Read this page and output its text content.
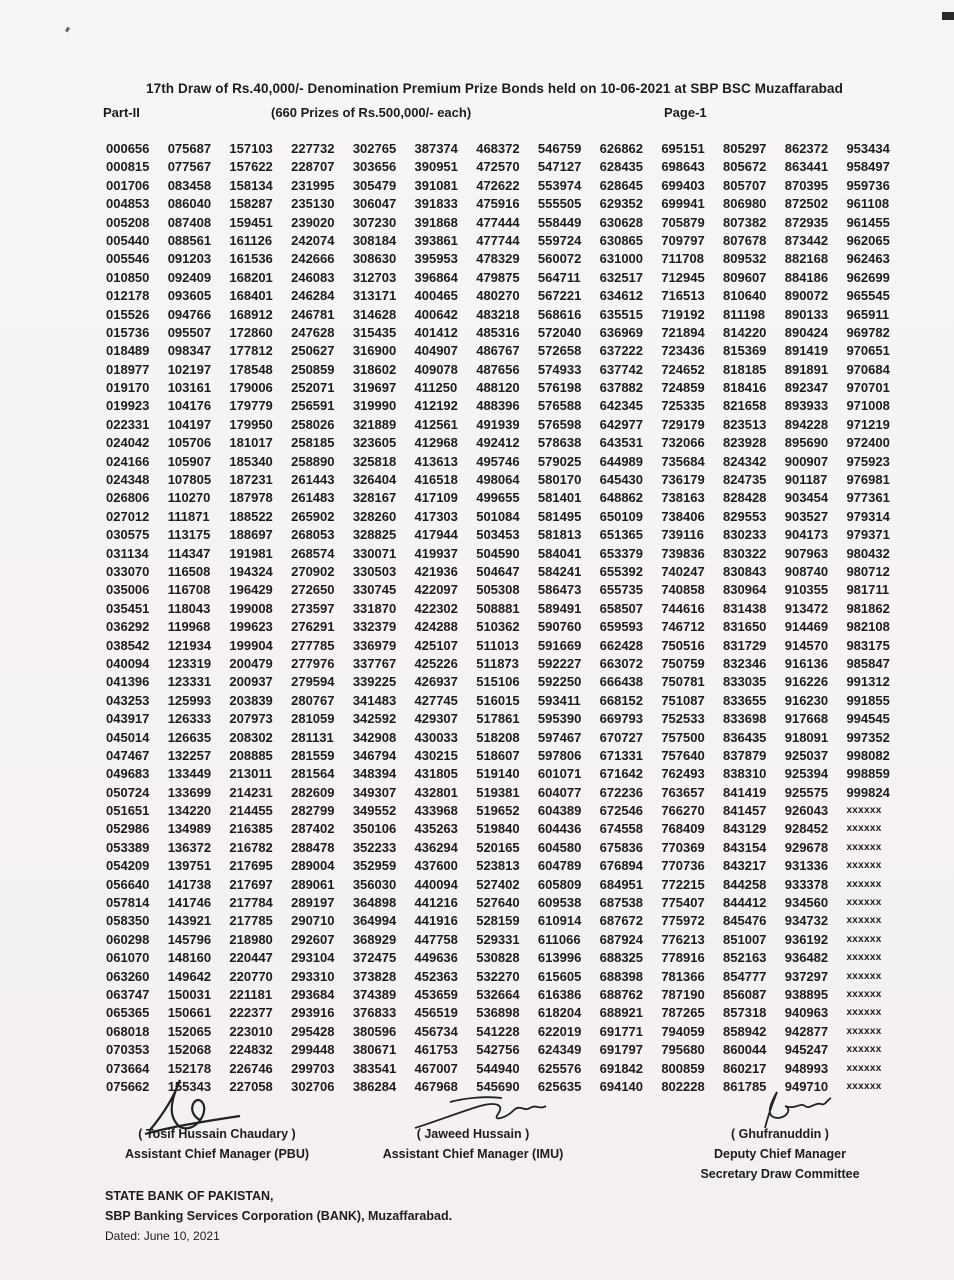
17th Draw of Rs.40,000/- Denomination Premium Prize Bonds held on 10-06-2021 at SBP BSC Muzaffarabad
Part-II	(660 Prizes of Rs.500,000/- each)	Page-1
000656	075687	157103	227732	302765	387374	468372	546759	626862	695151	805297	862372	953434
000815	077567	157622	228707	303656	390951	472570	547127	628435	698643	805672	863441	958497
001706	083458	158134	231995	305479	391081	472622	553974	628645	699403	805707	870395	959736
004853	086040	158287	235130	306047	391833	475916	555505	629352	699941	806980	872502	961108
005208	087408	159451	239020	307230	391868	477444	558449	630628	705879	807382	872935	961455
005440	088561	161126	242074	308184	393861	477744	559724	630865	709797	807678	873442	962065
005546	091203	161536	242666	308630	395953	478329	560072	631000	711708	809532	882168	962463
010850	092409	168201	246083	312703	396864	479875	564711	632517	712945	809607	884186	962699
012178	093605	168401	246284	313171	400465	480270	567221	634612	716513	810640	890072	965545
015526	094766	168912	246781	314628	400642	483218	568616	635515	719192	811198	890133	965911
015736	095507	172860	247628	315435	401412	485316	572040	636969	721894	814220	890424	969782
018489	098347	177812	250627	316900	404907	486767	572658	637222	723436	815369	891419	970651
018977	102197	178548	250859	318602	409078	487656	574933	637742	724652	818185	891891	970684
019170	103161	179006	252071	319697	411250	488120	576198	637882	724859	818416	892347	970701
019923	104176	179779	256591	319990	412192	488396	576588	642345	725335	821658	893933	971008
022331	104197	179950	258026	321889	412561	491939	576598	642977	729179	823513	894228	971219
024042	105706	181017	258185	323605	412968	492412	578638	643531	732066	823928	895690	972400
024166	105907	185340	258890	325818	413613	495746	579025	644989	735684	824342	900907	975923
024348	107805	187231	261443	326404	416518	498064	580170	645430	736179	824735	901187	976981
026806	110270	187978	261483	328167	417109	499655	581401	648862	738163	828428	903454	977361
027012	111871	188522	265902	328260	417303	501084	581495	650109	738406	829553	903527	979314
030575	113175	188697	268053	328825	417944	503453	581813	651365	739116	830233	904173	979371
031134	114347	191981	268574	330071	419937	504590	584041	653379	739836	830322	907963	980432
033070	116508	194324	270902	330503	421936	504647	584241	655392	740247	830843	908740	980712
035006	116708	196429	272650	330745	422097	505308	586473	655735	740858	830964	910355	981711
035451	118043	199008	273597	331870	422302	508881	589491	658507	744616	831438	913472	981862
036292	119968	199623	276291	332379	424288	510362	590760	659593	746712	831650	914469	982108
038542	121934	199904	277785	336979	425107	511013	591669	662428	750516	831729	914570	983175
040094	123319	200479	277976	337767	425226	511873	592227	663072	750759	832346	916136	985847
041396	123331	200937	279594	339225	426937	515106	592250	666438	750781	833035	916226	991312
043253	125993	203839	280767	341483	427745	516015	593411	668152	751087	833655	916230	991855
043917	126333	207973	281059	342592	429307	517861	595390	669793	752533	833698	917668	994545
045014	126635	208302	281131	342908	430033	518208	597467	670727	757500	836435	918091	997352
047467	132257	208885	281559	346794	430215	518607	597806	671331	757640	837879	925037	998082
049683	133449	213011	281564	348394	431805	519140	601071	671642	762493	838310	925394	998859
050724	133699	214231	282609	349307	432801	519381	604077	672236	763657	841419	925575	999824
051651	134220	214455	282799	349552	433968	519652	604389	672546	766270	841457	926043	xxxxxx
052986	134989	216385	287402	350106	435263	519840	604436	674558	768409	843129	928452	xxxxxx
053389	136372	216782	288478	352233	436294	520165	604580	675836	770369	843154	929678	xxxxxx
054209	139751	217695	289004	352959	437600	523813	604789	676894	770736	843217	931336	xxxxxx
056640	141738	217697	289061	356030	440094	527402	605809	684951	772215	844258	933378	xxxxxx
057814	141746	217784	289197	364898	441216	527640	609538	687538	775407	844412	934560	xxxxxx
058350	143921	217785	290710	364994	441916	528159	610914	687672	775972	845476	934732	xxxxxx
060298	145796	218980	292607	368929	447758	529331	611066	687924	776213	851007	936192	xxxxxx
061070	148160	220447	293104	372475	449636	530828	613996	688325	778916	852163	936482	xxxxxx
063260	149642	220770	293310	373828	452363	532270	615605	688398	781366	854777	937297	xxxxxx
063747	150031	221181	293684	374389	453659	532664	616386	688762	787190	856087	938895	xxxxxx
065365	150661	222377	293916	376833	456519	536898	618204	688921	787265	857318	940963	xxxxxx
068018	152065	223010	295428	380596	456734	541228	622019	691771	794059	858942	942877	xxxxxx
070353	152068	224832	299448	380671	461753	542756	624349	691797	795680	860044	945247	xxxxxx
073664	152178	226746	299703	383541	467007	544940	625576	691842	800859	860217	948993	xxxxxx
075662	155343	227058	302706	386284	467968	545690	625635	694140	802228	861785	949710	xxxxxx
( Tosif Hussain Chaudary )
Assistant Chief Manager (PBU)
( Jaweed Hussain )
Assistant Chief Manager (IMU)
( Ghufranuddin )
Deputy Chief Manager
Secretary Draw Committee
STATE BANK OF PAKISTAN,
SBP Banking Services Corporation (BANK), Muzaffarabad.
Dated: June 10, 2021
